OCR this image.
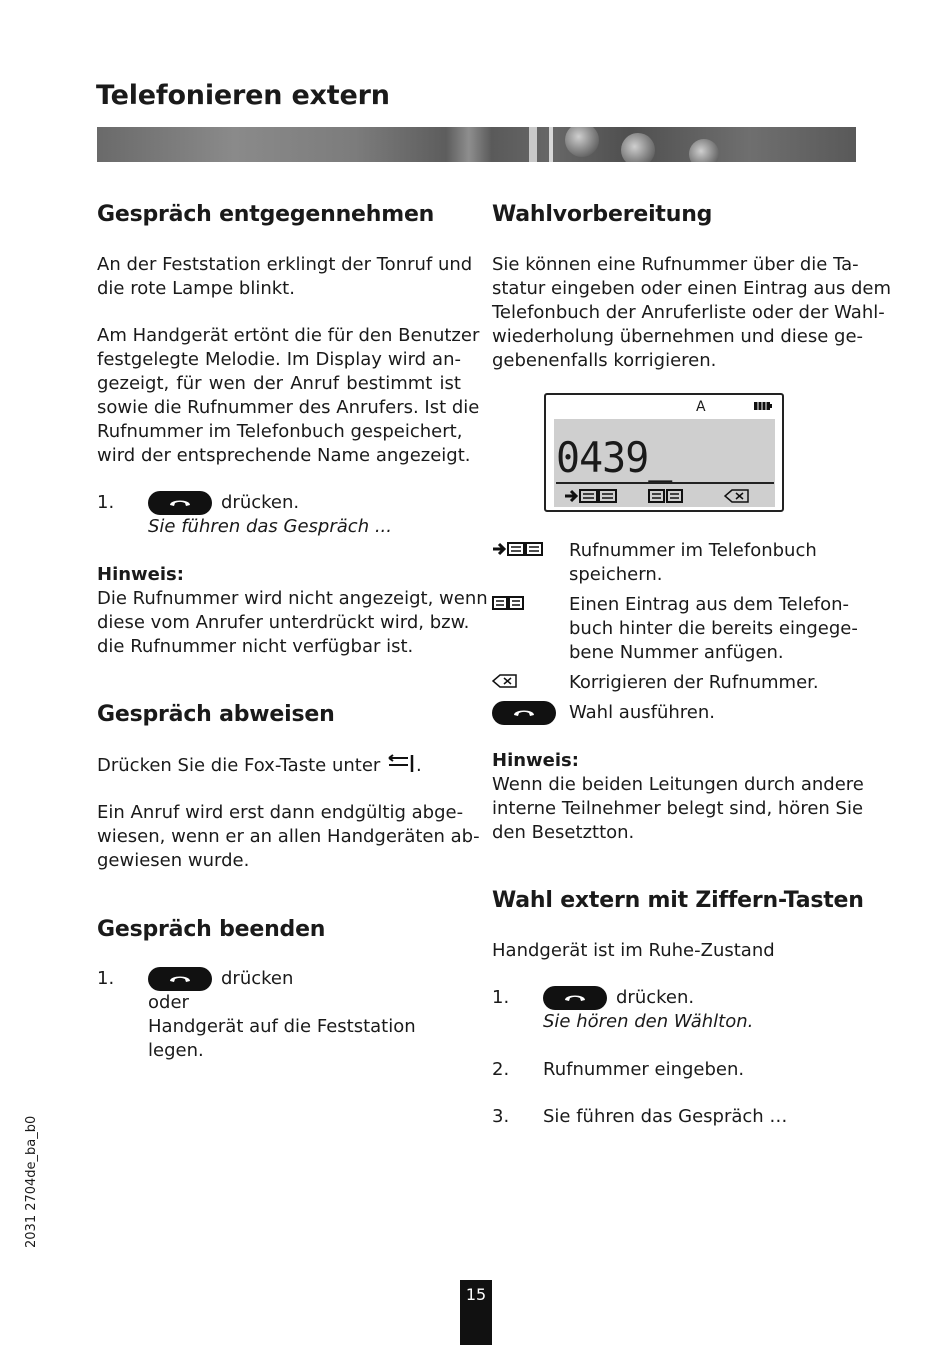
Telefonieren extern
Gespräch entgegennehmen
An der Feststation erklingt der Tonruf und
die rote Lampe blinkt.
Am Handgerät ertönt die für den Benutzer
festgelegte Melodie. Im Display wird an-
gezeigt, für wen der Anruf bestimmt ist
sowie die Rufnummer des Anrufers. Ist die
Rufnummer im Telefonbuch gespeichert,
wird der entsprechende Name angezeigt.
1.	drücken.
Sie führen das Gespräch ...
Hinweis:
Die Rufnummer wird nicht angezeigt, wenn
diese vom Anrufer unterdrückt wird, bzw.
die Rufnummer nicht verfügbar ist.
Gespräch abweisen
Drücken Sie die Fox-Taste unter .
Ein Anruf wird erst dann endgültig abge-
wiesen, wenn er an allen Handgeräten ab-
gewiesen wurde.
Gespräch beenden
1.	drücken
oder
Handgerät auf die Feststation
legen.
Wahlvorbereitung
Sie können eine Rufnummer über die Ta-
statur eingeben oder einen Eintrag aus dem
Telefonbuch der Anruferliste oder der Wahl-
wiederholung übernehmen und diese ge-
gebenenfalls korrigieren.
A
0439_
Rufnummer im Telefonbuch
speichern.
Einen Eintrag aus dem Telefon-
buch hinter die bereits eingege-
bene Nummer anfügen.
Korrigieren der Rufnummer.
Wahl ausführen.
Hinweis:
Wenn die beiden Leitungen durch andere
interne Teilnehmer belegt sind, hören Sie
den Besetztton.
Wahl extern mit Ziffern-Tasten
Handgerät ist im Ruhe-Zustand
1.	drücken.
Sie hören den Wählton.
2. Rufnummer eingeben.
3. Sie führen das Gespräch …
2031 2704de_ba_b0
15
